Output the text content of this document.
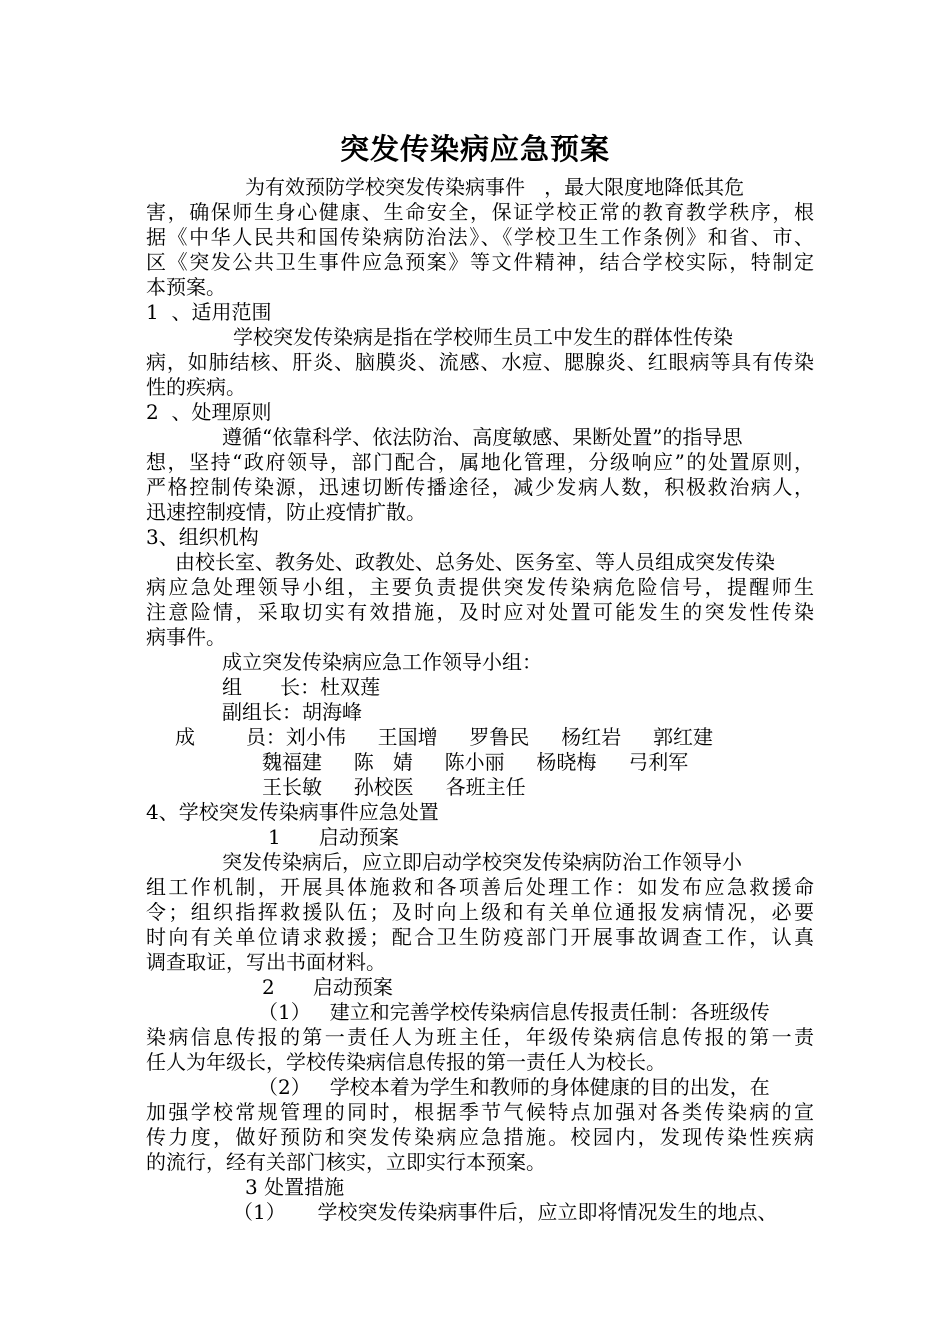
突发传染病应急预案
为有效预防学校突发传染病事件   ，最大限度地降低其危
害，确保师生身心健康、生命安全，保证学校正常的教育教学秩序，根
据《中华人民共和国传染病防治法》、《学校卫生工作条例》和省、市、
区《突发公共卫生事件应急预案》等文件精神，结合学校实际，特制定
本预案。
1  、适用范围
学校突发传染病是指在学校师生员工中发生的群体性传染
病，如肺结核、肝炎、脑膜炎、流感、水痘、腮腺炎、红眼病等具有传染
性的疾病。
2  、处理原则
遵循“依靠科学、依法防治、高度敏感、果断处置”的指导思
想，坚持“政府领导，部门配合，属地化管理，分级响应”的处置原则，
严格控制传染源，迅速切断传播途径，减少发病人数，积极救治病人，
迅速控制疫情，防止疫情扩散。
3、组织机构
由校长室、教务处、政教处、总务处、医务室、等人员组成突发传染
病应急处理领导小组，主要负责提供突发传染病危险信号，提醒师生
注意险情，采取切实有效措施，及时应对处置可能发生的突发性传染
病事件。
成立突发传染病应急工作领导小组：
组      长：杜双莲
副组长：胡海峰
成        员：刘小伟     王国增     罗鲁民     杨红岩     郭红建
魏福建     陈   婧     陈小丽     杨晓梅     弓利军
王长敏     孙校医     各班主任
4、学校突发传染病事件应急处置
1      启动预案
突发传染病后，应立即启动学校突发传染病防治工作领导小
组工作机制，开展具体施救和各项善后处理工作：如发布应急救援命
令；组织指挥救援队伍；及时向上级和有关单位通报发病情况，必要
时向有关单位请求救援；配合卫生防疫部门开展事故调查工作，认真
调查取证，写出书面材料。
2      启动预案
（1）   建立和完善学校传染病信息传报责任制：各班级传
染病信息传报的第一责任人为班主任，年级传染病信息传报的第一责
任人为年级长，学校传染病信息传报的第一责任人为校长。
（2）   学校本着为学生和教师的身体健康的目的出发，在
加强学校常规管理的同时，根据季节气候特点加强对各类传染病的宣
传力度，做好预防和突发传染病应急措施。校园内，发现传染性疾病
的流行，经有关部门核实，立即实行本预案。
3 处置措施
（1）     学校突发传染病事件后，应立即将情况发生的地点、
